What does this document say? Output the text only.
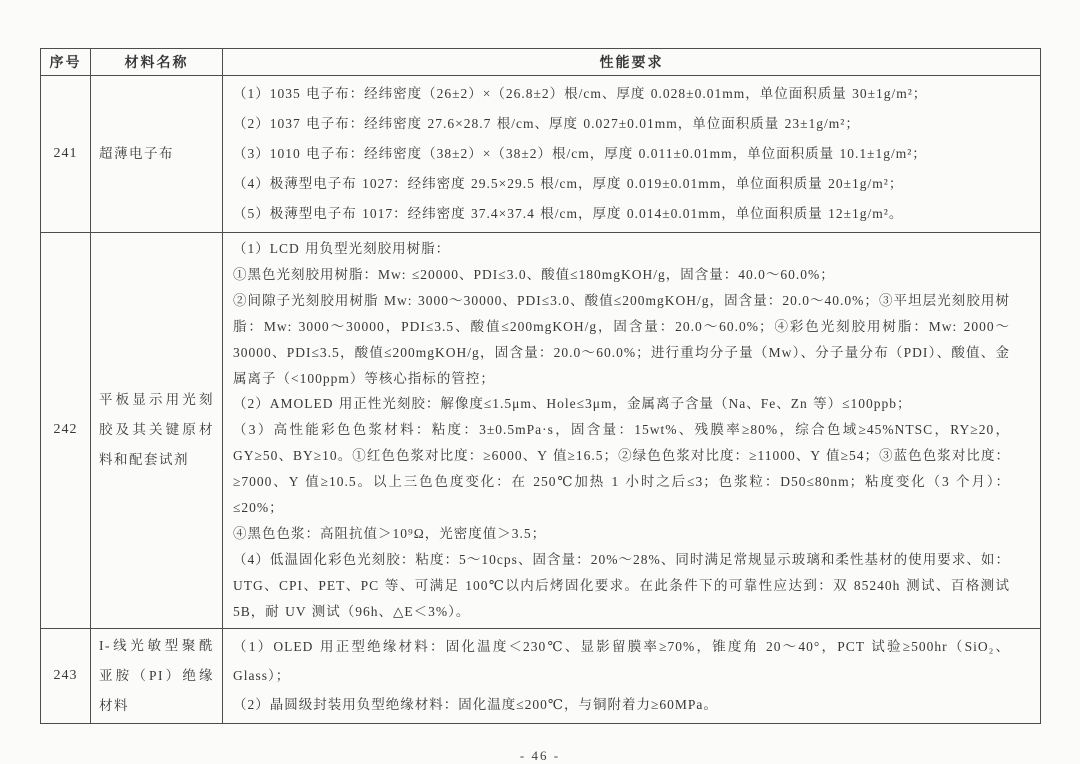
序号	材料名称	性能要求
241	超薄电子布	（1）1035 电子布：经纬密度（26±2）×（26.8±2）根/cm、厚度 0.028±0.01mm，单位面积质量 30±1g/m²；

（2）1037 电子布：经纬密度 27.6×28.7 根/cm、厚度 0.027±0.01mm，单位面积质量 23±1g/m²；

（3）1010 电子布：经纬密度（38±2）×（38±2）根/cm，厚度 0.011±0.01mm，单位面积质量 10.1±1g/m²；

（4）极薄型电子布 1027：经纬密度 29.5×29.5 根/cm，厚度 0.019±0.01mm，单位面积质量 20±1g/m²；

（5）极薄型电子布 1017：经纬密度 37.4×37.4 根/cm，厚度 0.014±0.01mm，单位面积质量 12±1g/m²。

242	平板显示用光刻胶及其关键原材料和配套试剂	

（1）LCD 用负型光刻胶用树脂：

①黑色光刻胶用树脂：Mw: ≤20000、PDI≤3.0、酸值≤180mgKOH/g，固含量：40.0～60.0%；

②间隙子光刻胶用树脂 Mw: 3000～30000、PDI≤3.0、酸值≤200mgKOH/g，固含量：20.0～40.0%；③平坦层光刻胶用树脂：Mw: 3000～30000，PDI≤3.5、酸值≤200mgKOH/g，固含量：20.0～60.0%；④彩色光刻胶用树脂：Mw: 2000～30000、PDI≤3.5，酸值≤200mgKOH/g，固含量：20.0～60.0%；进行重均分子量（Mw）、分子量分布（PDI）、酸值、金属离子（<100ppm）等核心指标的管控；

（2）AMOLED 用正性光刻胶：解像度≤1.5μm、Hole≤3μm，金属离子含量（Na、Fe、Zn 等）≤100ppb；

（3）高性能彩色色浆材料：粘度：3±0.5mPa·s，固含量：15wt%、残膜率≥80%，综合色域≥45%NTSC，RY≥20，GY≥50、BY≥10。①红色色浆对比度：≥6000、Y 值≥16.5；②绿色色浆对比度：≥11000、Y 值≥54；③蓝色色浆对比度：≥7000、Y 值≥10.5。以上三色色度变化：在 250℃加热 1 小时之后≤3；色浆粒：D50≤80nm；粘度变化（3 个月）：≤20%；

④黑色色浆：高阻抗值＞10⁹Ω，光密度值＞3.5；

（4）低温固化彩色光刻胶：粘度：5～10cps、固含量：20%～28%、同时满足常规显示玻璃和柔性基材的使用要求、如：UTG、CPI、PET、PC 等、可满足 100℃以内后烤固化要求。在此条件下的可靠性应达到：双 85240h 测试、百格测试 5B，耐 UV 测试（96h、△E＜3%）。

243	I-线光敏型聚酰亚胺（PI）绝缘材料	（1）OLED 用正型绝缘材料：固化温度＜230℃、显影留膜率≥70%，锥度角 20～40°，PCT 试验≥500hr（SiO₂、Glass）；

（2）晶圆级封装用负型绝缘材料：固化温度≤200℃，与铜附着力≥60MPa。

- 46 -
